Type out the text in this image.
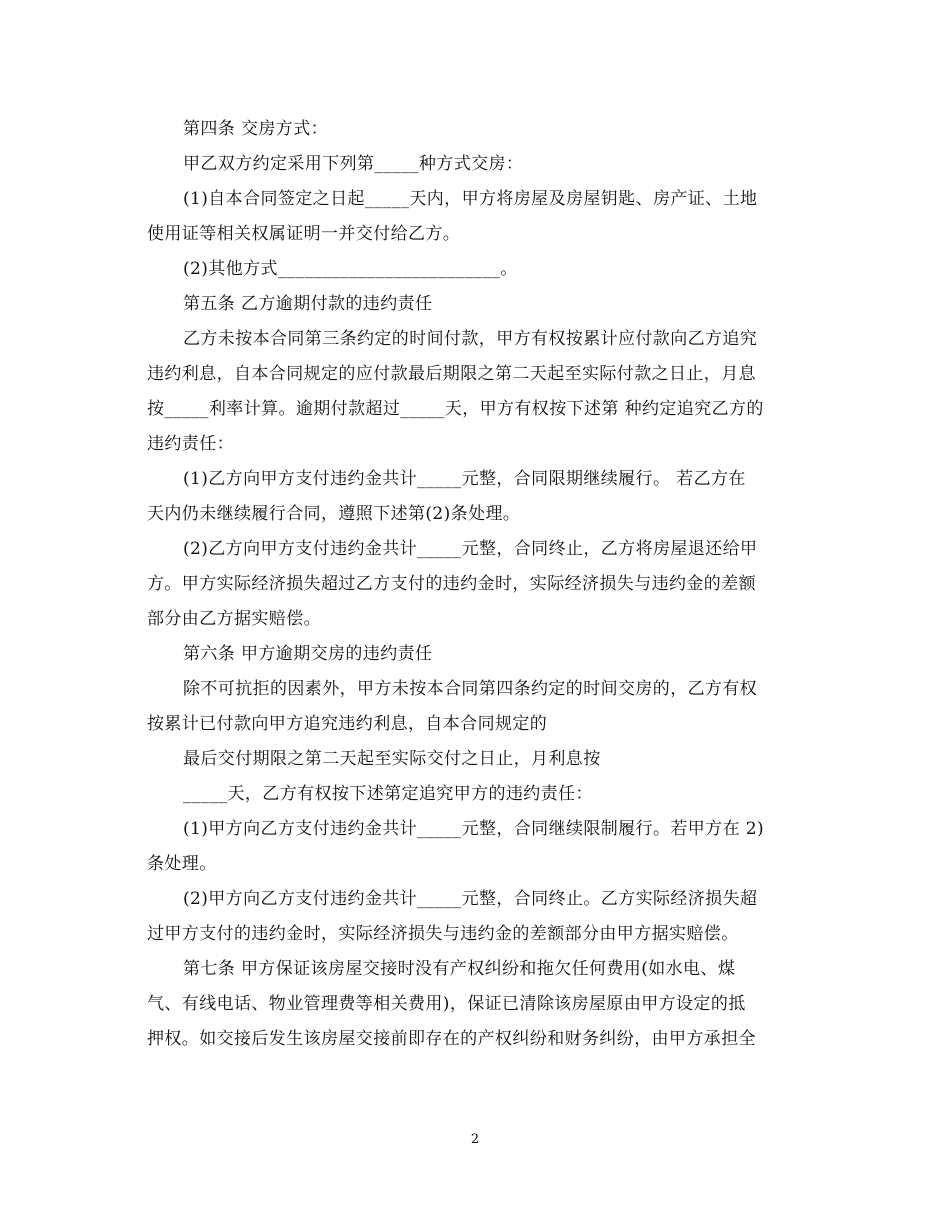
第四条 交房方式：
甲乙双方约定采用下列第_____种方式交房：
(1)自本合同签定之日起_____天内，甲方将房屋及房屋钥匙、房产证、土地
使用证等相关权属证明一并交付给乙方。
(2)其他方式_________________________。
第五条 乙方逾期付款的违约责任
乙方未按本合同第三条约定的时间付款，甲方有权按累计应付款向乙方追究
违约利息，自本合同规定的应付款最后期限之第二天起至实际付款之日止，月息
按_____利率计算。逾期付款超过_____天，甲方有权按下述第 种约定追究乙方的
违约责任：
(1)乙方向甲方支付违约金共计_____元整，合同限期继续履行。 若乙方在
天内仍未继续履行合同，遵照下述第(2)条处理。
(2)乙方向甲方支付违约金共计_____元整，合同终止，乙方将房屋退还给甲
方。甲方实际经济损失超过乙方支付的违约金时，实际经济损失与违约金的差额
部分由乙方据实赔偿。
第六条 甲方逾期交房的违约责任
除不可抗拒的因素外，甲方未按本合同第四条约定的时间交房的，乙方有权
按累计已付款向甲方追究违约利息，自本合同规定的
最后交付期限之第二天起至实际交付之日止，月利息按
_____天，乙方有权按下述第定追究甲方的违约责任：
(1)甲方向乙方支付违约金共计_____元整，合同继续限制履行。若甲方在 2)
条处理。
(2)甲方向乙方支付违约金共计_____元整，合同终止。乙方实际经济损失超
过甲方支付的违约金时，实际经济损失与违约金的差额部分由甲方据实赔偿。
第七条 甲方保证该房屋交接时没有产权纠纷和拖欠任何费用(如水电、煤
气、有线电话、物业管理费等相关费用)，保证已清除该房屋原由甲方设定的抵
押权。如交接后发生该房屋交接前即存在的产权纠纷和财务纠纷，由甲方承担全
2
